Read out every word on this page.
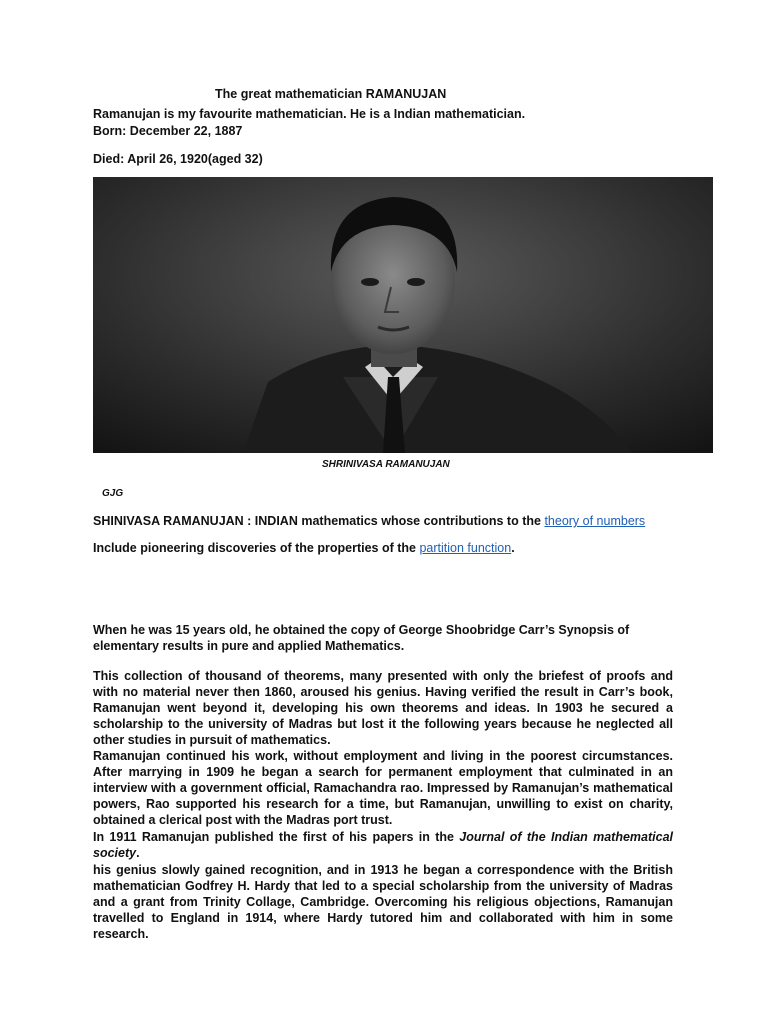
The great mathematician RAMANUJAN
Ramanujan is my favourite mathematician. He is a Indian mathematician.
Born: December 22, 1887
Died: April 26, 1920(aged 32)
SHRINIVASA RAMANUJAN
GJG
SHINIVASA RAMANUJAN : INDIAN mathematics whose contributions to the theory of numbers
Include pioneering discoveries of the properties of the partition function.
When he was 15 years old, he obtained the copy of George Shoobridge Carr’s Synopsis of elementary results in pure and applied Mathematics.
This collection of thousand of theorems, many presented with only the briefest of proofs and with no material never then 1860, aroused his genius. Having verified the result in Carr’s book, Ramanujan went beyond it, developing his own theorems and ideas. In 1903 he secured a scholarship to the university of Madras but lost it the following years because he neglected all other studies in pursuit of mathematics.
Ramanujan continued his work, without employment and living in the poorest circumstances. After marrying in 1909 he began a search for permanent employment that culminated in an interview with a government official, Ramachandra rao. Impressed by Ramanujan’s mathematical powers, Rao supported his research for a time, but Ramanujan, unwilling to exist on charity, obtained a clerical post with the Madras port trust.
In 1911 Ramanujan published the first of his papers in the Journal of the Indian mathematical society.
his genius slowly gained recognition, and in 1913 he began a correspondence with the British mathematician Godfrey H. Hardy that led to a special scholarship from the university of Madras and a grant from Trinity Collage, Cambridge. Overcoming his religious objections, Ramanujan travelled to England in 1914, where Hardy tutored him and collaborated with him in some research.
